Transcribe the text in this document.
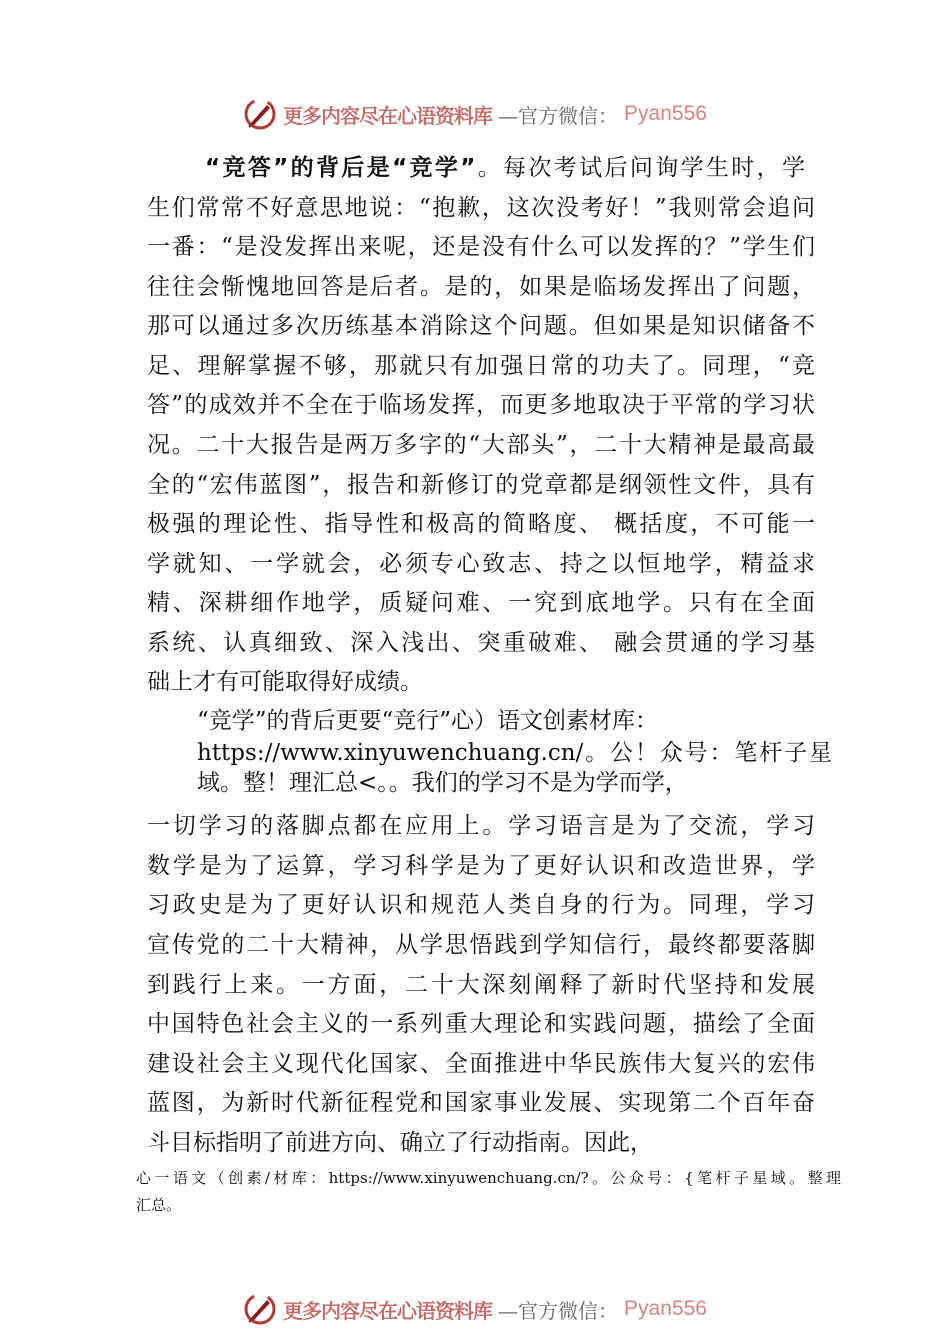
更多内容尽在心语资料库 —官方微信： Pyan556
更多内容尽在心语资料库 —官方微信： Pyan556
“竞答”的背后是“竞学”。每次考试后问询学生时，学
生们常常不好意思地说：“抱歉，这次没考好！”我则常会追问
一番：“是没发挥出来呢，还是没有什么可以发挥的？”学生们
往往会惭愧地回答是后者。是的，如果是临场发挥出了问题，
那可以通过多次历练基本消除这个问题。但如果是知识储备不
足、理解掌握不够，那就只有加强日常的功夫了。同理，“竞
答”的成效并不全在于临场发挥，而更多地取决于平常的学习状
况。二十大报告是两万多字的“大部头”，二十大精神是最高最
全的“宏伟蓝图”，报告和新修订的党章都是纲领性文件，具有
极强的理论性、指导性和极高的简略度、 概括度，不可能一
学就知、一学就会，必须专心致志、持之以恒地学，精益求
精、深耕细作地学，质疑问难、一究到底地学。只有在全面
系统、认真细致、深入浅出、突重破难、 融会贯通的学习基
础上才有可能取得好成绩。
“竞学”的背后更要“竞行”心）语文创素材库：
https://www.xinyuwenchuang.cn/。公！众号：笔杆子星
域。整！理汇总<。。我们的学习不是为学而学，
一切学习的落脚点都在应用上。学习语言是为了交流，学习
数学是为了运算，学习科学是为了更好认识和改造世界，学
习政史是为了更好认识和规范人类自身的行为。同理，学习
宣传党的二十大精神，从学思悟践到学知信行，最终都要落脚
到践行上来。一方面，二十大深刻阐释了新时代坚持和发展
中国特色社会主义的一系列重大理论和实践问题，描绘了全面
建设社会主义现代化国家、全面推进中华民族伟大复兴的宏伟
蓝图，为新时代新征程党和国家事业发展、实现第二个百年奋
斗目标指明了前进方向、确立了行动指南。因此，
心一语文（创素/材库：https://www.xinyuwenchuang.cn/?。公众号：{笔杆子星域。整理
汇总。
